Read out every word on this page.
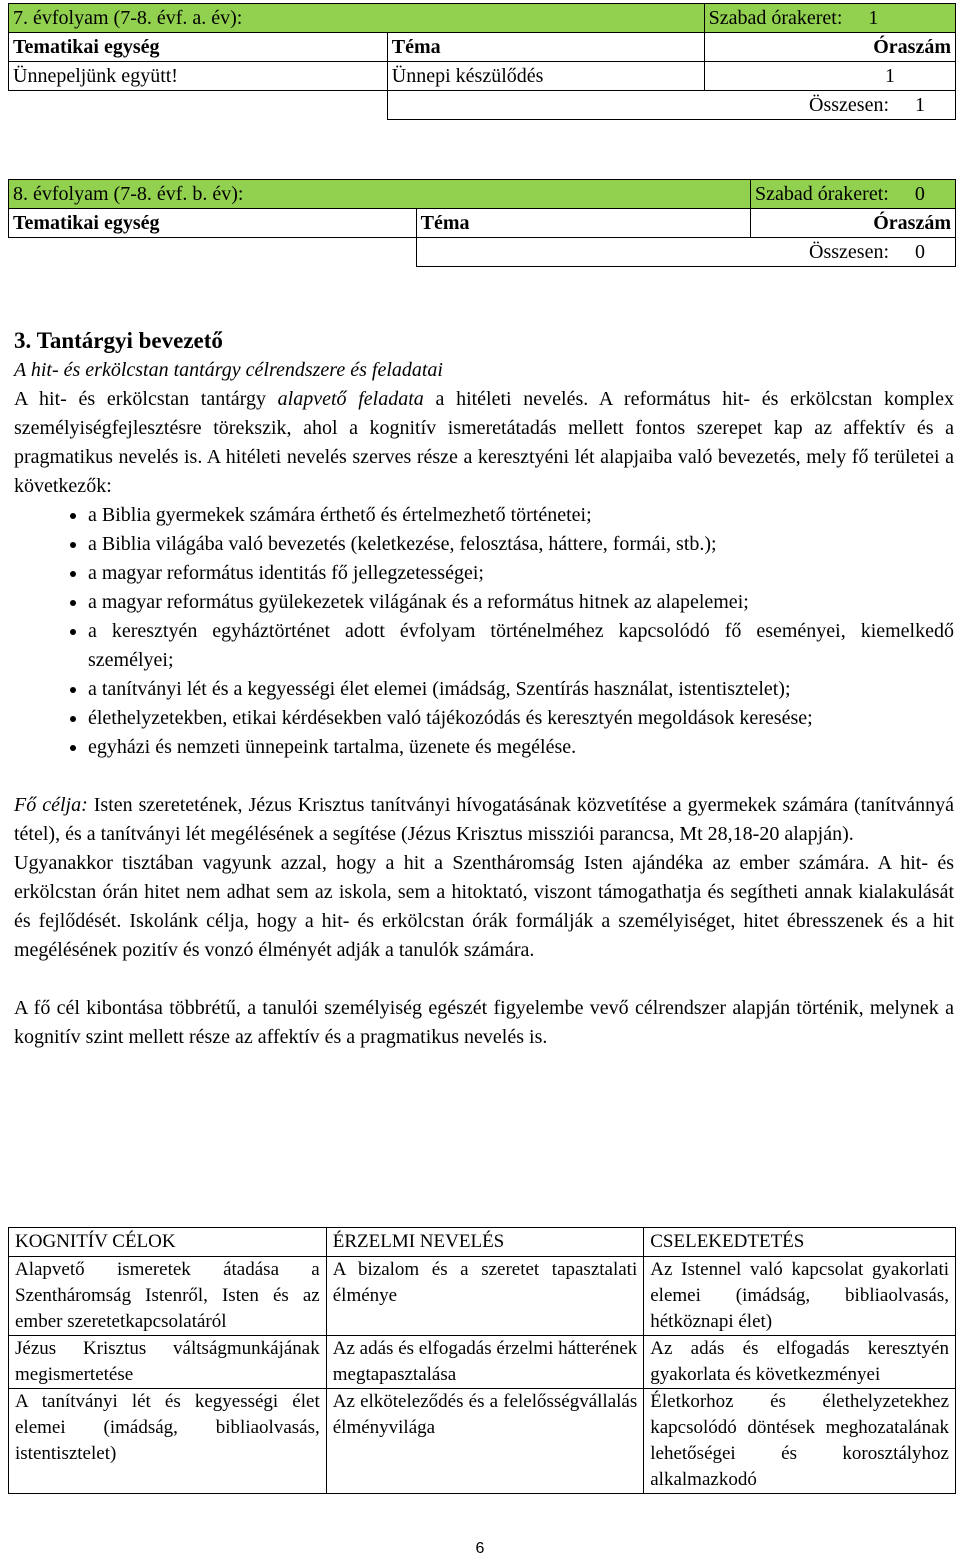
7. évfolyam (7-8. évf. a. év):		Szabad órakeret: 1
Tematikai egység	Téma	Óraszám
Ünnepeljünk együtt!	Ünnepi készülődés	1
	Összesen: 1	
8. évfolyam (7-8. évf. b. év):		Szabad órakeret: 0
Tematikai egység	Téma	Óraszám
	Összesen: 0	
3. Tantárgyi bevezető
A hit- és erkölcstan tantárgy célrendszere és feladatai
A hit- és erkölcstan tantárgy alapvető feladata a hitéleti nevelés. A református hit- és erkölcstan komplex személyiségfejlesztésre törekszik, ahol a kognitív ismeretátadás mellett fontos szerepet kap az affektív és a pragmatikus nevelés is. A hitéleti nevelés szerves része a keresztyéni lét alapjaiba való bevezetés, mely fő területei a következők:
• a Biblia gyermekek számára érthető és értelmezhető történetei;
• a Biblia világába való bevezetés (keletkezése, felosztása, háttere, formái, stb.);
• a magyar református identitás fő jellegzetességei;
• a magyar református gyülekezetek világának és a református hitnek az alapelemei;
• a keresztyén egyháztörténet adott évfolyam történelméhez kapcsolódó fő eseményei, kiemelkedő személyei;
• a tanítványi lét és a kegyességi élet elemei (imádság, Szentírás használat, istentisztelet);
• élethelyzetekben, etikai kérdésekben való tájékozódás és keresztyén megoldások keresése;
• egyházi és nemzeti ünnepeink tartalma, üzenete és megélése.
Fő célja: Isten szeretetének, Jézus Krisztus tanítványi hívogatásának közvetítése a gyermekek számára (tanítvánnyá tétel), és a tanítványi lét megélésének a segítése (Jézus Krisztus missziói parancsa, Mt 28,18-20 alapján).
Ugyanakkor tisztában vagyunk azzal, hogy a hit a Szentháromság Isten ajándéka az ember számára. A hit- és erkölcstan órán hitet nem adhat sem az iskola, sem a hitoktató, viszont támogathatja és segítheti annak kialakulását és fejlődését. Iskolánk célja, hogy a hit- és erkölcstan órák formálják a személyiséget, hitet ébresszenek és a hit megélésének pozitív és vonzó élményét adják a tanulók számára.
A fő cél kibontása többrétű, a tanulói személyiség egészét figyelembe vevő célrendszer alapján történik, melynek a kognitív szint mellett része az affektív és a pragmatikus nevelés is.
KOGNITÍV CÉLOK	ÉRZELMI NEVELÉS	CSELEKEDTETÉS
Alapvető ismeretek átadása a Szentháromság Istenről, Isten és az ember szeretetkapcsolatáról	A bizalom és a szeretet tapasztalati élménye	Az Istennel való kapcsolat gyakorlati elemei (imádság, bibliaolvasás, hétköznapi élet)
Jézus Krisztus váltságmunkájának megismertetése	Az adás és elfogadás érzelmi hátterének megtapasztalása	Az adás és elfogadás keresztyén gyakorlata és következményei
A tanítványi lét és kegyességi élet elemei (imádság, bibliaolvasás, istentisztelet)	Az elköteleződés és a felelősségvállalás élményvilága	Életkorhoz és élethelyzetekhez kapcsolódó döntések meghozatalának lehetőségei és korosztályhoz alkalmazkodó
6
